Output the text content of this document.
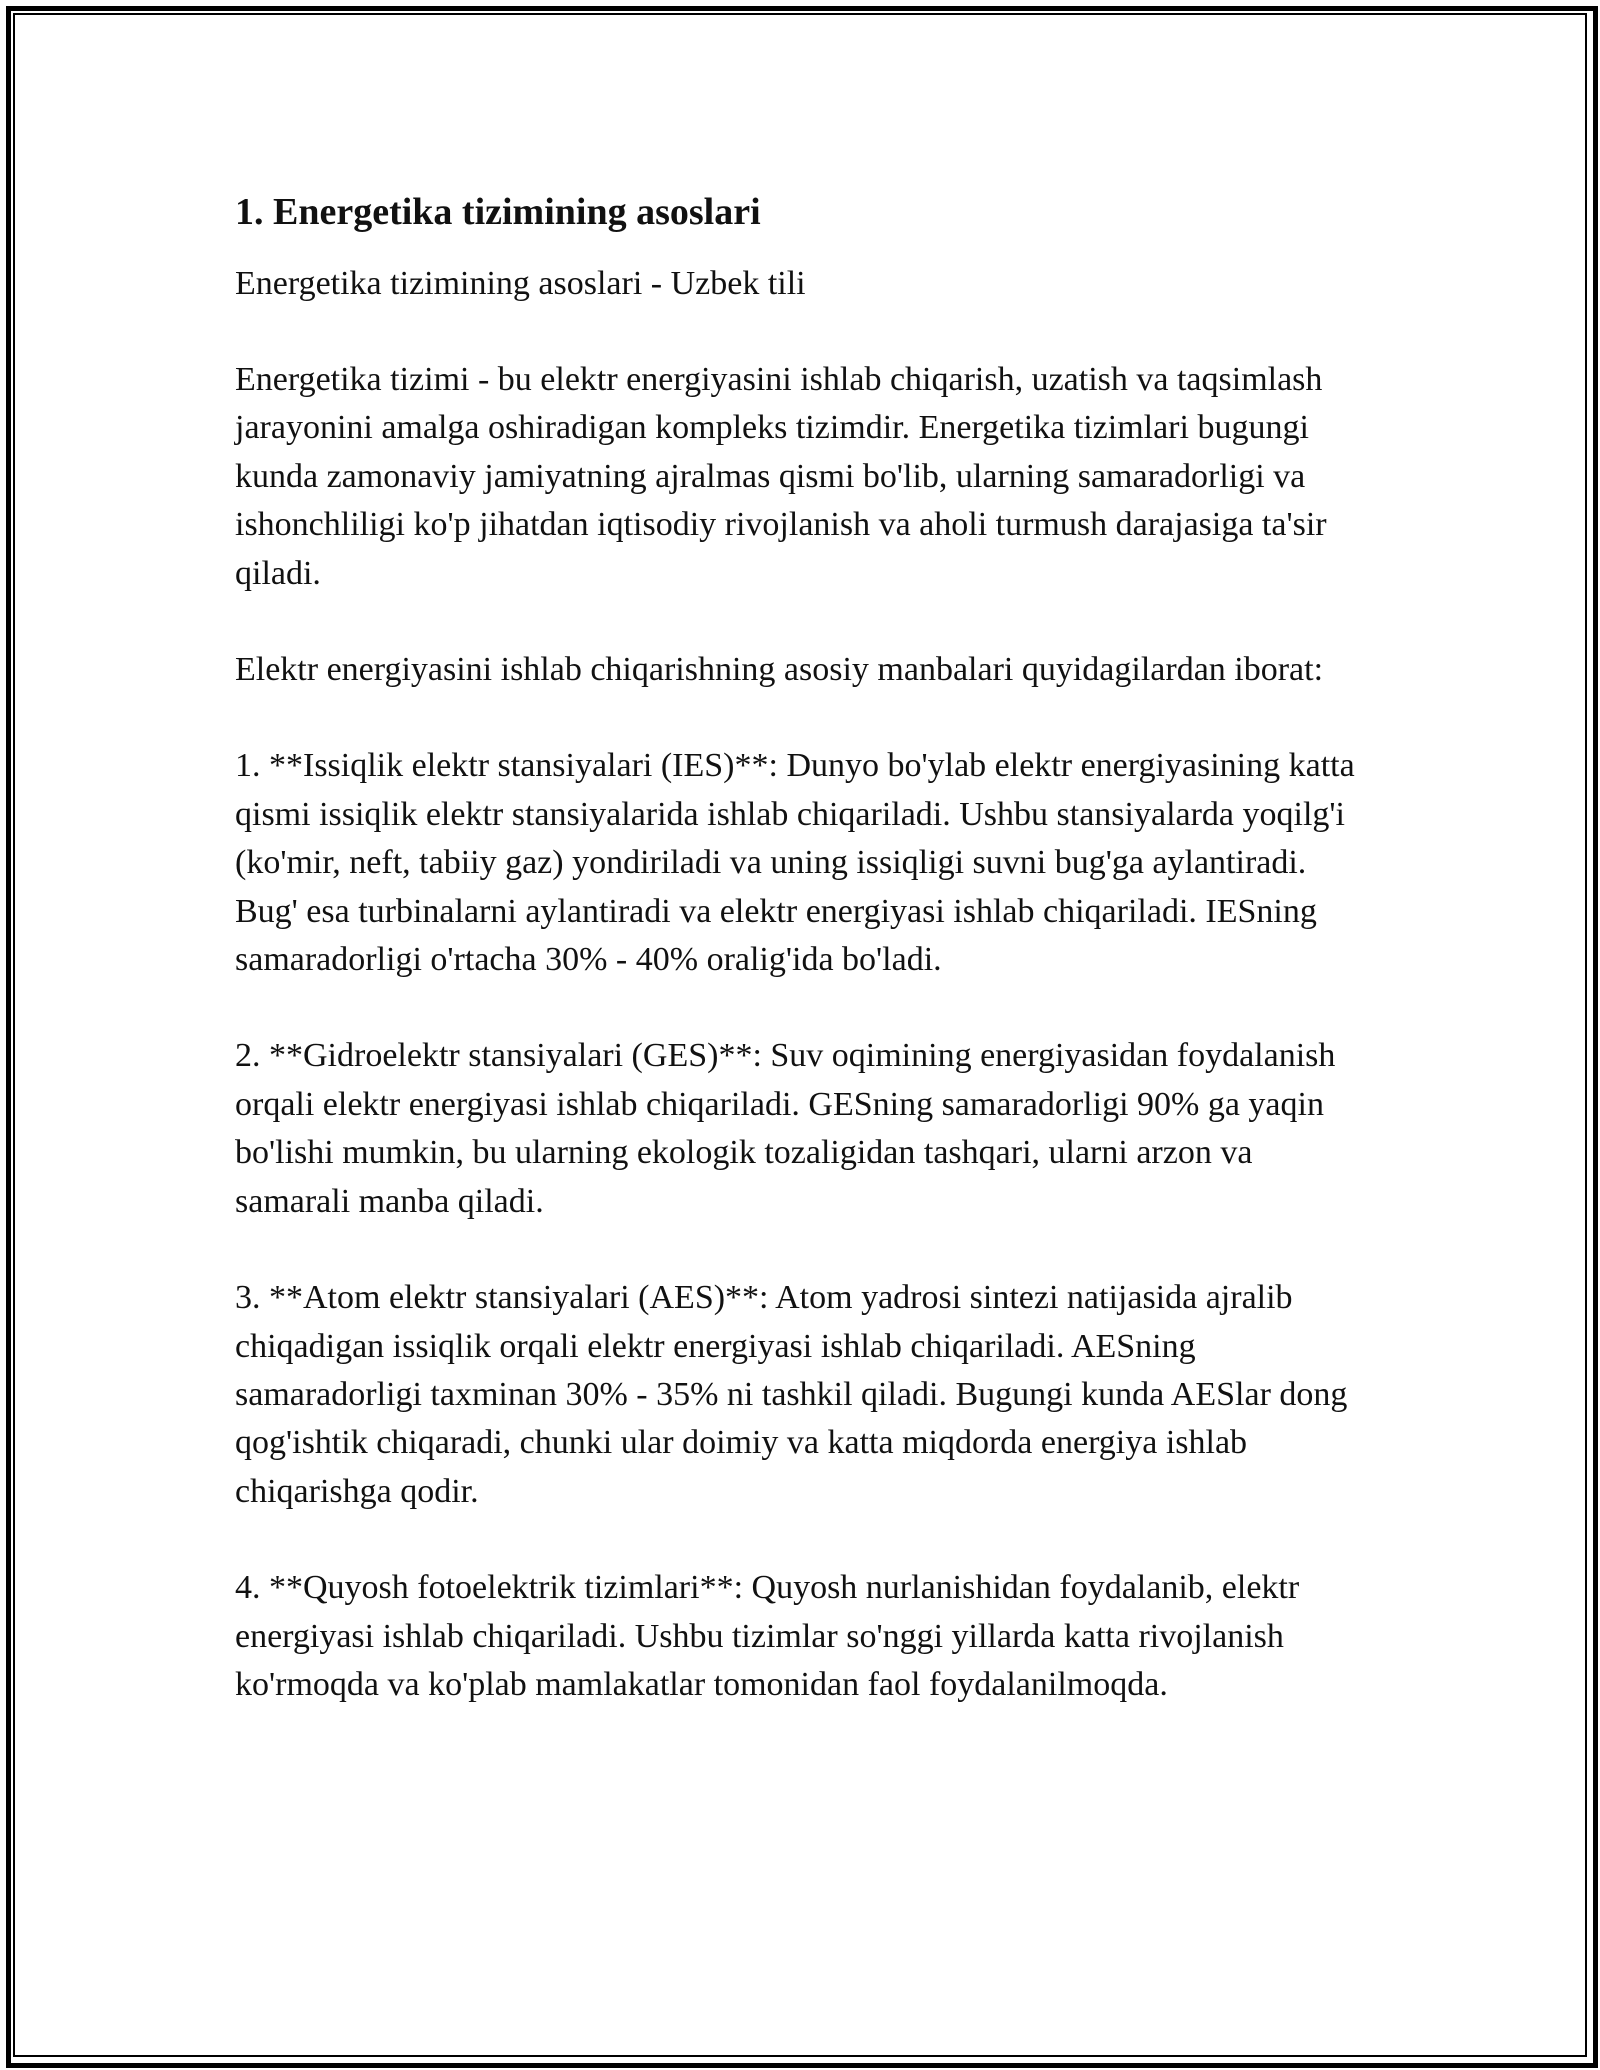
1. Energetika tizimining asoslari

Energetika tizimining asoslari - Uzbek tili

Energetika tizimi - bu elektr energiyasini ishlab chiqarish, uzatish va taqsimlash jarayonini amalga oshiradigan kompleks tizimdir. Energetika tizimlari bugungi kunda zamonaviy jamiyatning ajralmas qismi bo'lib, ularning samaradorligi va ishonchliligi ko'p jihatdan iqtisodiy rivojlanish va aholi turmush darajasiga ta'sir qiladi.

Elektr energiyasini ishlab chiqarishning asosiy manbalari quyidagilardan iborat:

1. **Issiqlik elektr stansiyalari (IES)**: Dunyo bo'ylab elektr energiyasining katta qismi issiqlik elektr stansiyalarida ishlab chiqariladi. Ushbu stansiyalarda yoqilg'i (ko'mir, neft, tabiiy gaz) yondiriladi va uning issiqligi suvni bug'ga aylantiradi. Bug' esa turbinalarni aylantiradi va elektr energiyasi ishlab chiqariladi. IESning samaradorligi o'rtacha 30% - 40% oralig'ida bo'ladi.

2. **Gidroelektr stansiyalari (GES)**: Suv oqimining energiyasidan foydalanish orqali elektr energiyasi ishlab chiqariladi. GESning samaradorligi 90% ga yaqin bo'lishi mumkin, bu ularning ekologik tozaligidan tashqari, ularni arzon va samarali manba qiladi.

3. **Atom elektr stansiyalari (AES)**: Atom yadrosi sintezi natijasida ajralib chiqadigan issiqlik orqali elektr energiyasi ishlab chiqariladi. AESning samaradorligi taxminan 30% - 35% ni tashkil qiladi. Bugungi kunda AESlar dong qog'ishtik chiqaradi, chunki ular doimiy va katta miqdorda energiya ishlab chiqarishga qodir.

4. **Quyosh fotoelektrik tizimlari**: Quyosh nurlanishidan foydalanib, elektr energiyasi ishlab chiqariladi. Ushbu tizimlar so'nggi yillarda katta rivojlanish ko'rmoqda va ko'plab mamlakatlar tomonidan faol foydalanilmoqda.
